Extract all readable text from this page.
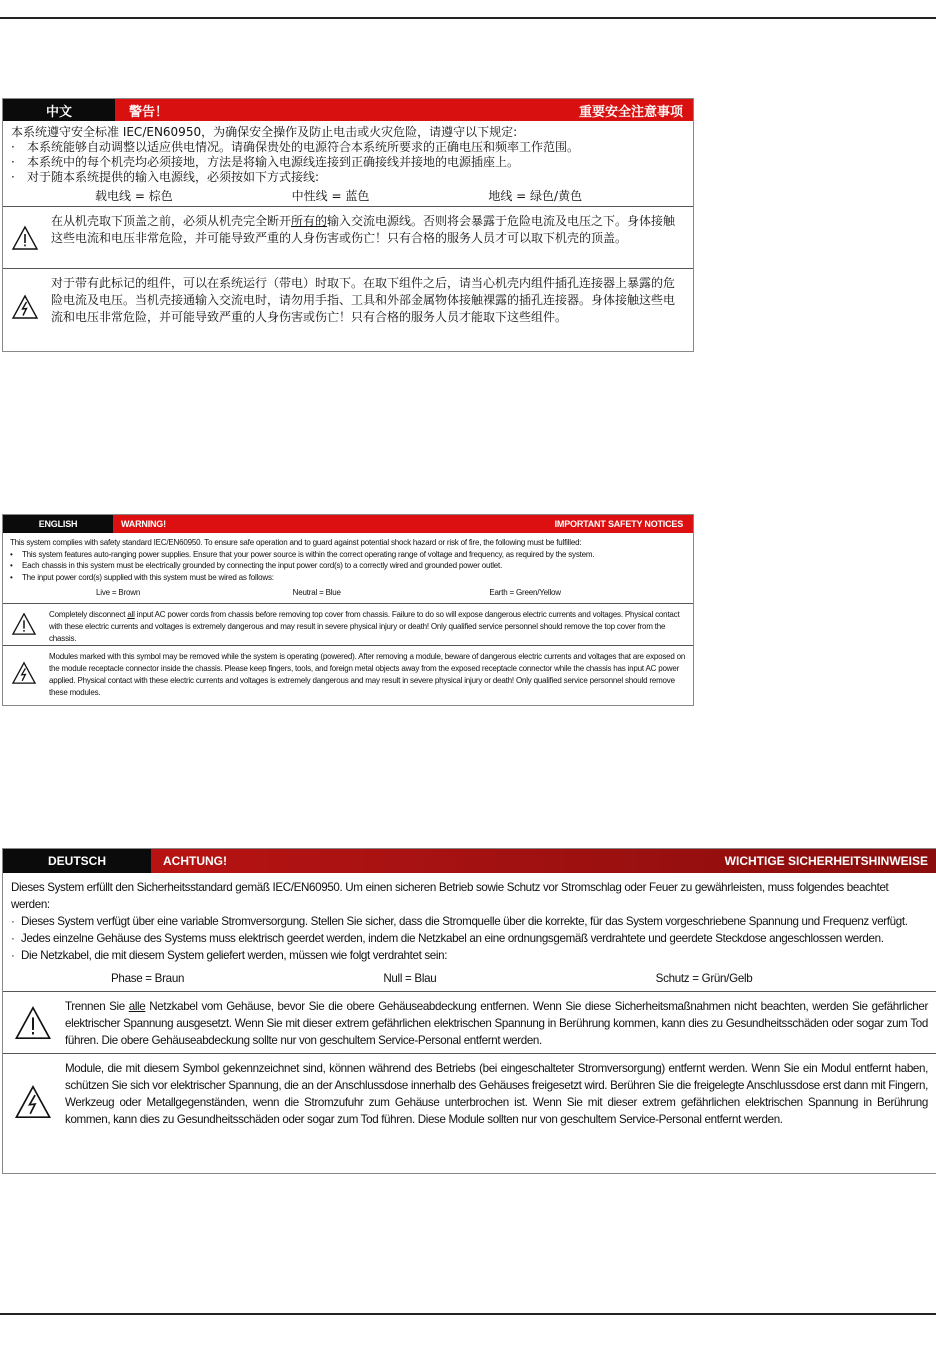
中文	警告！	重要安全注意事项

本系统遵守安全标准 IEC/EN60950，为确保安全操作及防止电击或火灾危险，请遵守以下规定:

·	本系统能够自动调整以适应供电情况。请确保贵处的电源符合本系统所要求的正确电压和频率工作范围。
·	本系统中的每个机壳均必须接地，方法是将输入电源线连接到正确接线并接地的电源插座上。
·	对于随本系统提供的输入电源线，必须按如下方式接线:
载电线 = 棕色	中性线 = 蓝色	地线 = 绿色/黄色
在从机壳取下顶盖之前，必须从机壳完全断开所有的输入交流电源线。否则将会暴露于危险电流及电压之下。身体接触这些电流和电压非常危险，并可能导致严重的人身伤害或伤亡！只有合格的服务人员才可以取下机壳的顶盖。
对于带有此标记的组件，可以在系统运行（带电）时取下。在取下组件之后，请当心机壳内组件插孔连接器上暴露的危险电流及电压。当机壳接通输入交流电时，请勿用手指、工具和外部金属物体接触裸露的插孔连接器。身体接触这些电流和电压非常危险，并可能导致严重的人身伤害或伤亡！只有合格的服务人员才能取下这些组件。
ENGLISH	WARNING!	IMPORTANT SAFETY NOTICES

This system complies with safety standard IEC/EN60950. To ensure safe operation and to guard against potential shock hazard or risk of fire, the following must be fulfilled:

•	This system features auto-ranging power supplies. Ensure that your power source is within the correct operating range of voltage and frequency, as required by the system.
•	Each chassis in this system must be electrically grounded by connecting the input power cord(s) to a correctly wired and grounded power outlet.
•	The input power cord(s) supplied with this system must be wired as follows:
Live = Brown	Neutral = Blue	Earth = Green/Yellow
Completely disconnect all input AC power cords from chassis before removing top cover from chassis. Failure to do so will expose dangerous electric currents and voltages. Physical contact with these electric currents and voltages is extremely dangerous and may result in severe physical injury or death! Only qualified service personnel should remove the top cover from the chassis.
Modules marked with this symbol may be removed while the system is operating (powered). After removing a module, beware of dangerous electric currents and voltages that are exposed on the module receptacle connector inside the chassis. Please keep fingers, tools, and foreign metal objects away from the exposed receptacle connector while the chassis has input AC power applied. Physical contact with these electric currents and voltages is extremely dangerous and may result in severe physical injury or death! Only qualified service personnel should remove these modules.
DEUTSCH	ACHTUNG!	WICHTIGE SICHERHEITSHINWEISE

Dieses System erfüllt den Sicherheitsstandard gemäß IEC/EN60950. Um einen sicheren Betrieb sowie Schutz vor Stromschlag oder Feuer zu gewährleisten, muss folgendes beachtet werden:

· Dieses System verfügt über eine variable Stromversorgung. Stellen Sie sicher, dass die Stromquelle über die korrekte, für das System vorgeschriebene Spannung und Frequenz verfügt.
· Jedes einzelne Gehäuse des Systems muss elektrisch geerdet werden, indem die Netzkabel an eine ordnungsgemäß verdrahtete und geerdete Steckdose angeschlossen werden.
· Die Netzkabel, die mit diesem System geliefert werden, müssen wie folgt verdrahtet sein:
Phase = Braun	Null = Blau	Schutz = Grün/Gelb
Trennen Sie alle Netzkabel vom Gehäuse, bevor Sie die obere Gehäuseabdeckung entfernen. Wenn Sie diese Sicherheitsmaßnahmen nicht beachten, werden Sie gefährlicher elektrischer Spannung ausgesetzt. Wenn Sie mit dieser extrem gefährlichen elektrischen Spannung in Berührung kommen, kann dies zu Gesundheitsschäden oder sogar zum Tod führen. Die obere Gehäuseabdeckung sollte nur von geschultem Service-Personal entfernt werden.
Module, die mit diesem Symbol gekennzeichnet sind, können während des Betriebs (bei eingeschalteter Stromversorgung) entfernt werden. Wenn Sie ein Modul entfernt haben, schützen Sie sich vor elektrischer Spannung, die an der Anschlussdose innerhalb des Gehäuses freigesetzt wird. Berühren Sie die freigelegte Anschlussdose erst dann mit Fingern, Werkzeug oder Metallgegenständen, wenn die Stromzufuhr zum Gehäuse unterbrochen ist. Wenn Sie mit dieser extrem gefährlichen elektrischen Spannung in Berührung kommen, kann dies zu Gesundheitsschäden oder sogar zum Tod führen. Diese Module sollten nur von geschultem Service-Personal entfernt werden.
